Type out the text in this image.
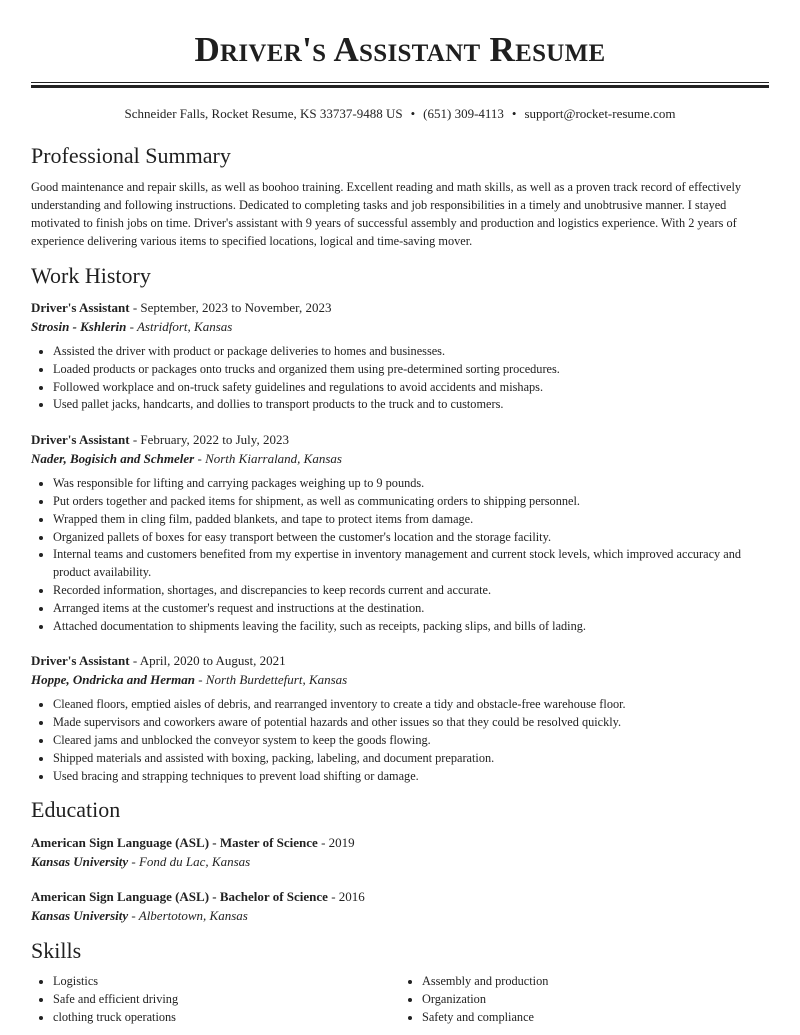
Driver's Assistant Resume
Schneider Falls, Rocket Resume, KS 33737-9488 US • (651) 309-4113 • support@rocket-resume.com
Professional Summary

Good maintenance and repair skills, as well as boohoo training. Excellent reading and math skills, as well as a proven track record of effectively understanding and following instructions. Dedicated to completing tasks and job responsibilities in a timely and unobtrusive manner. I stayed motivated to finish jobs on time. Driver's assistant with 9 years of successful assembly and production and logistics experience. With 2 years of experience delivering various items to specified locations, logical and time-saving mover.

Work History
Driver's Assistant - September, 2023 to November, 2023
Strosin - Kshlerin - Astridfort, Kansas
• Assisted the driver with product or package deliveries to homes and businesses.
• Loaded products or packages onto trucks and organized them using pre-determined sorting procedures.
• Followed workplace and on-truck safety guidelines and regulations to avoid accidents and mishaps.
• Used pallet jacks, handcarts, and dollies to transport products to the truck and to customers.
Driver's Assistant - February, 2022 to July, 2023
Nader, Bogisich and Schmeler - North Kiarraland, Kansas
• Was responsible for lifting and carrying packages weighing up to 9 pounds.
• Put orders together and packed items for shipment, as well as communicating orders to shipping personnel.
• Wrapped them in cling film, padded blankets, and tape to protect items from damage.
• Organized pallets of boxes for easy transport between the customer's location and the storage facility.
• Internal teams and customers benefited from my expertise in inventory management and current stock levels, which improved accuracy and product availability.
• Recorded information, shortages, and discrepancies to keep records current and accurate.
• Arranged items at the customer's request and instructions at the destination.
• Attached documentation to shipments leaving the facility, such as receipts, packing slips, and bills of lading.
Driver's Assistant - April, 2020 to August, 2021
Hoppe, Ondricka and Herman - North Burdettefurt, Kansas
• Cleaned floors, emptied aisles of debris, and rearranged inventory to create a tidy and obstacle-free warehouse floor.
• Made supervisors and coworkers aware of potential hazards and other issues so that they could be resolved quickly.
• Cleared jams and unblocked the conveyor system to keep the goods flowing.
• Shipped materials and assisted with boxing, packing, labeling, and document preparation.
• Used bracing and strapping techniques to prevent load shifting or damage.
Education
American Sign Language (ASL) - Master of Science - 2019
Kansas University - Fond du Lac, Kansas
American Sign Language (ASL) - Bachelor of Science - 2016
Kansas University - Albertotown, Kansas
Skills
• Logistics
• Safe and efficient driving
• clothing truck operations
• Assembly and production
• Organization
• Safety and compliance
